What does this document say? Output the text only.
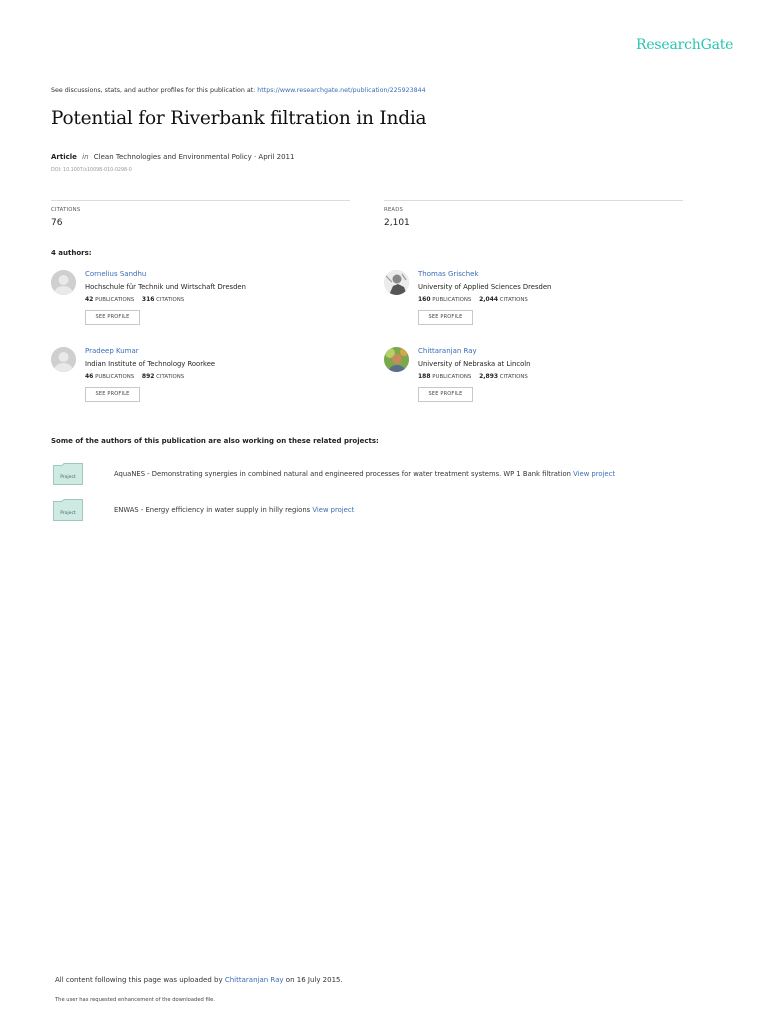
ResearchGate
See discussions, stats, and author profiles for this publication at: https://www.researchgate.net/publication/225923844
Potential for Riverbank filtration in India
Article in Clean Technologies and Environmental Policy · April 2011
DOI: 10.1007/s10098-010-0298-0
CITATIONS
76
READS
2,101
4 authors:
Cornelius Sandhu
Hochschule für Technik und Wirtschaft Dresden
42 PUBLICATIONS 316 CITATIONS
SEE PROFILE
Thomas Grischek
University of Applied Sciences Dresden
160 PUBLICATIONS 2,044 CITATIONS
SEE PROFILE
Pradeep Kumar
Indian Institute of Technology Roorkee
46 PUBLICATIONS 892 CITATIONS
SEE PROFILE
Chittaranjan Ray
University of Nebraska at Lincoln
188 PUBLICATIONS 2,893 CITATIONS
SEE PROFILE
Some of the authors of this publication are also working on these related projects:
Project	AquaNES - Demonstrating synergies in combined natural and engineered processes for water treatment systems. WP 1 Bank filtration View project
Project	ENWAS - Energy efficiency in water supply in hilly regions View project
All content following this page was uploaded by Chittaranjan Ray on 16 July 2015.
The user has requested enhancement of the downloaded file.
